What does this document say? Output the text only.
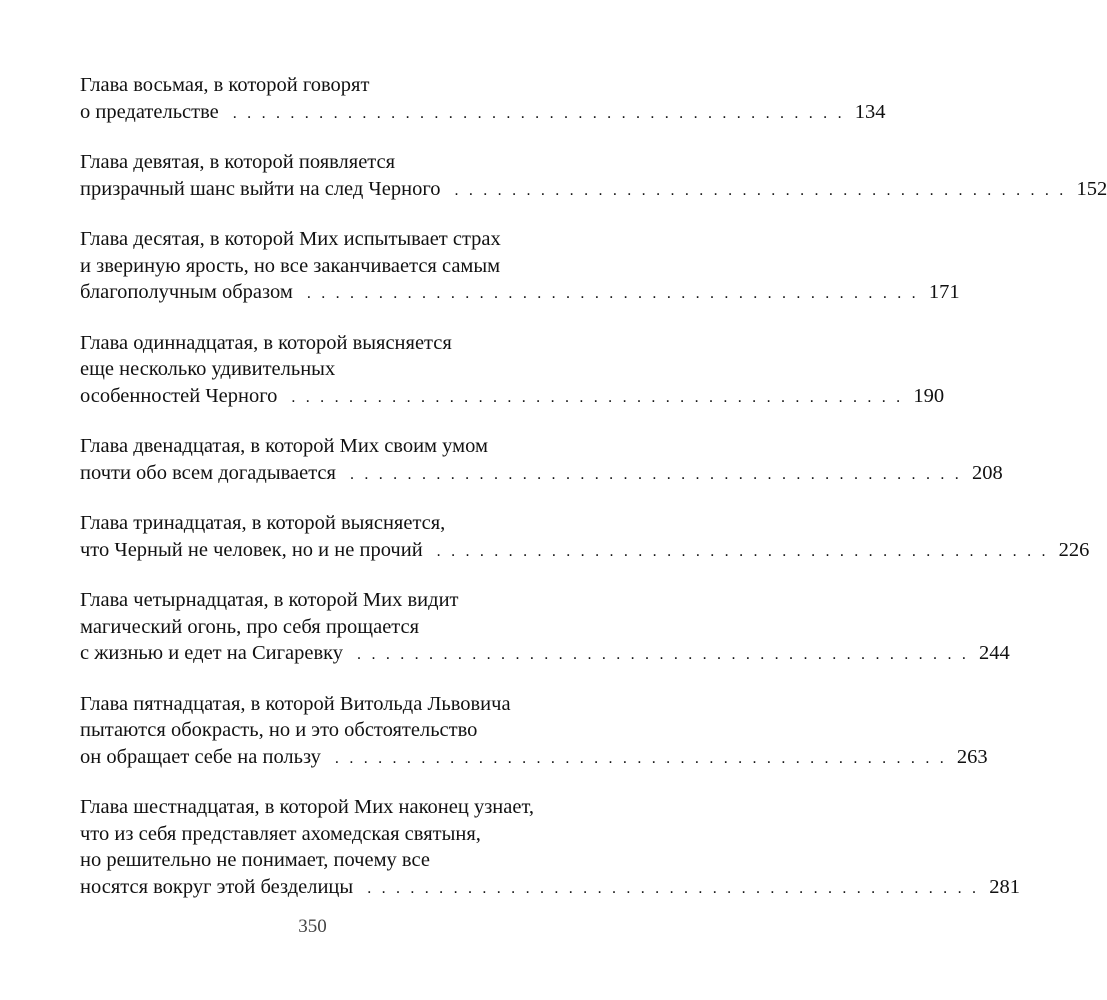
Глава восьмая, в которой говорят
о предательстве . . . . . . . . . . . . . . . . . . . . . . . . . . . . . . . . . . . . . . . . . . . 134
Глава девятая, в которой появляется
призрачный шанс выйти на след Черного . . . . . . . . . . . . . . . . . . . . . . . . . . . . . . . . . . . . . . . . . . . 152
Глава десятая, в которой Мих испытывает страх
и звериную ярость, но все заканчивается самым
благополучным образом . . . . . . . . . . . . . . . . . . . . . . . . . . . . . . . . . . . . . . . . . . . 171
Глава одиннадцатая, в которой выясняется
еще несколько удивительных
особенностей Черного . . . . . . . . . . . . . . . . . . . . . . . . . . . . . . . . . . . . . . . . . . . 190
Глава двенадцатая, в которой Мих своим умом
почти обо всем догадывается . . . . . . . . . . . . . . . . . . . . . . . . . . . . . . . . . . . . . . . . . . . 208
Глава тринадцатая, в которой выясняется,
что Черный не человек, но и не прочий . . . . . . . . . . . . . . . . . . . . . . . . . . . . . . . . . . . . . . . . . . . 226
Глава четырнадцатая, в которой Мих видит
магический огонь, про себя прощается
с жизнью и едет на Сигаревку . . . . . . . . . . . . . . . . . . . . . . . . . . . . . . . . . . . . . . . . . . . 244
Глава пятнадцатая, в которой Витольда Львовича
пытаются обокрасть, но и это обстоятельство
он обращает себе на пользу . . . . . . . . . . . . . . . . . . . . . . . . . . . . . . . . . . . . . . . . . . . 263
Глава шестнадцатая, в которой Мих наконец узнает,
что из себя представляет ахомедская святыня,
но решительно не понимает, почему все
носятся вокруг этой безделицы . . . . . . . . . . . . . . . . . . . . . . . . . . . . . . . . . . . . . . . . . . . 281
350
